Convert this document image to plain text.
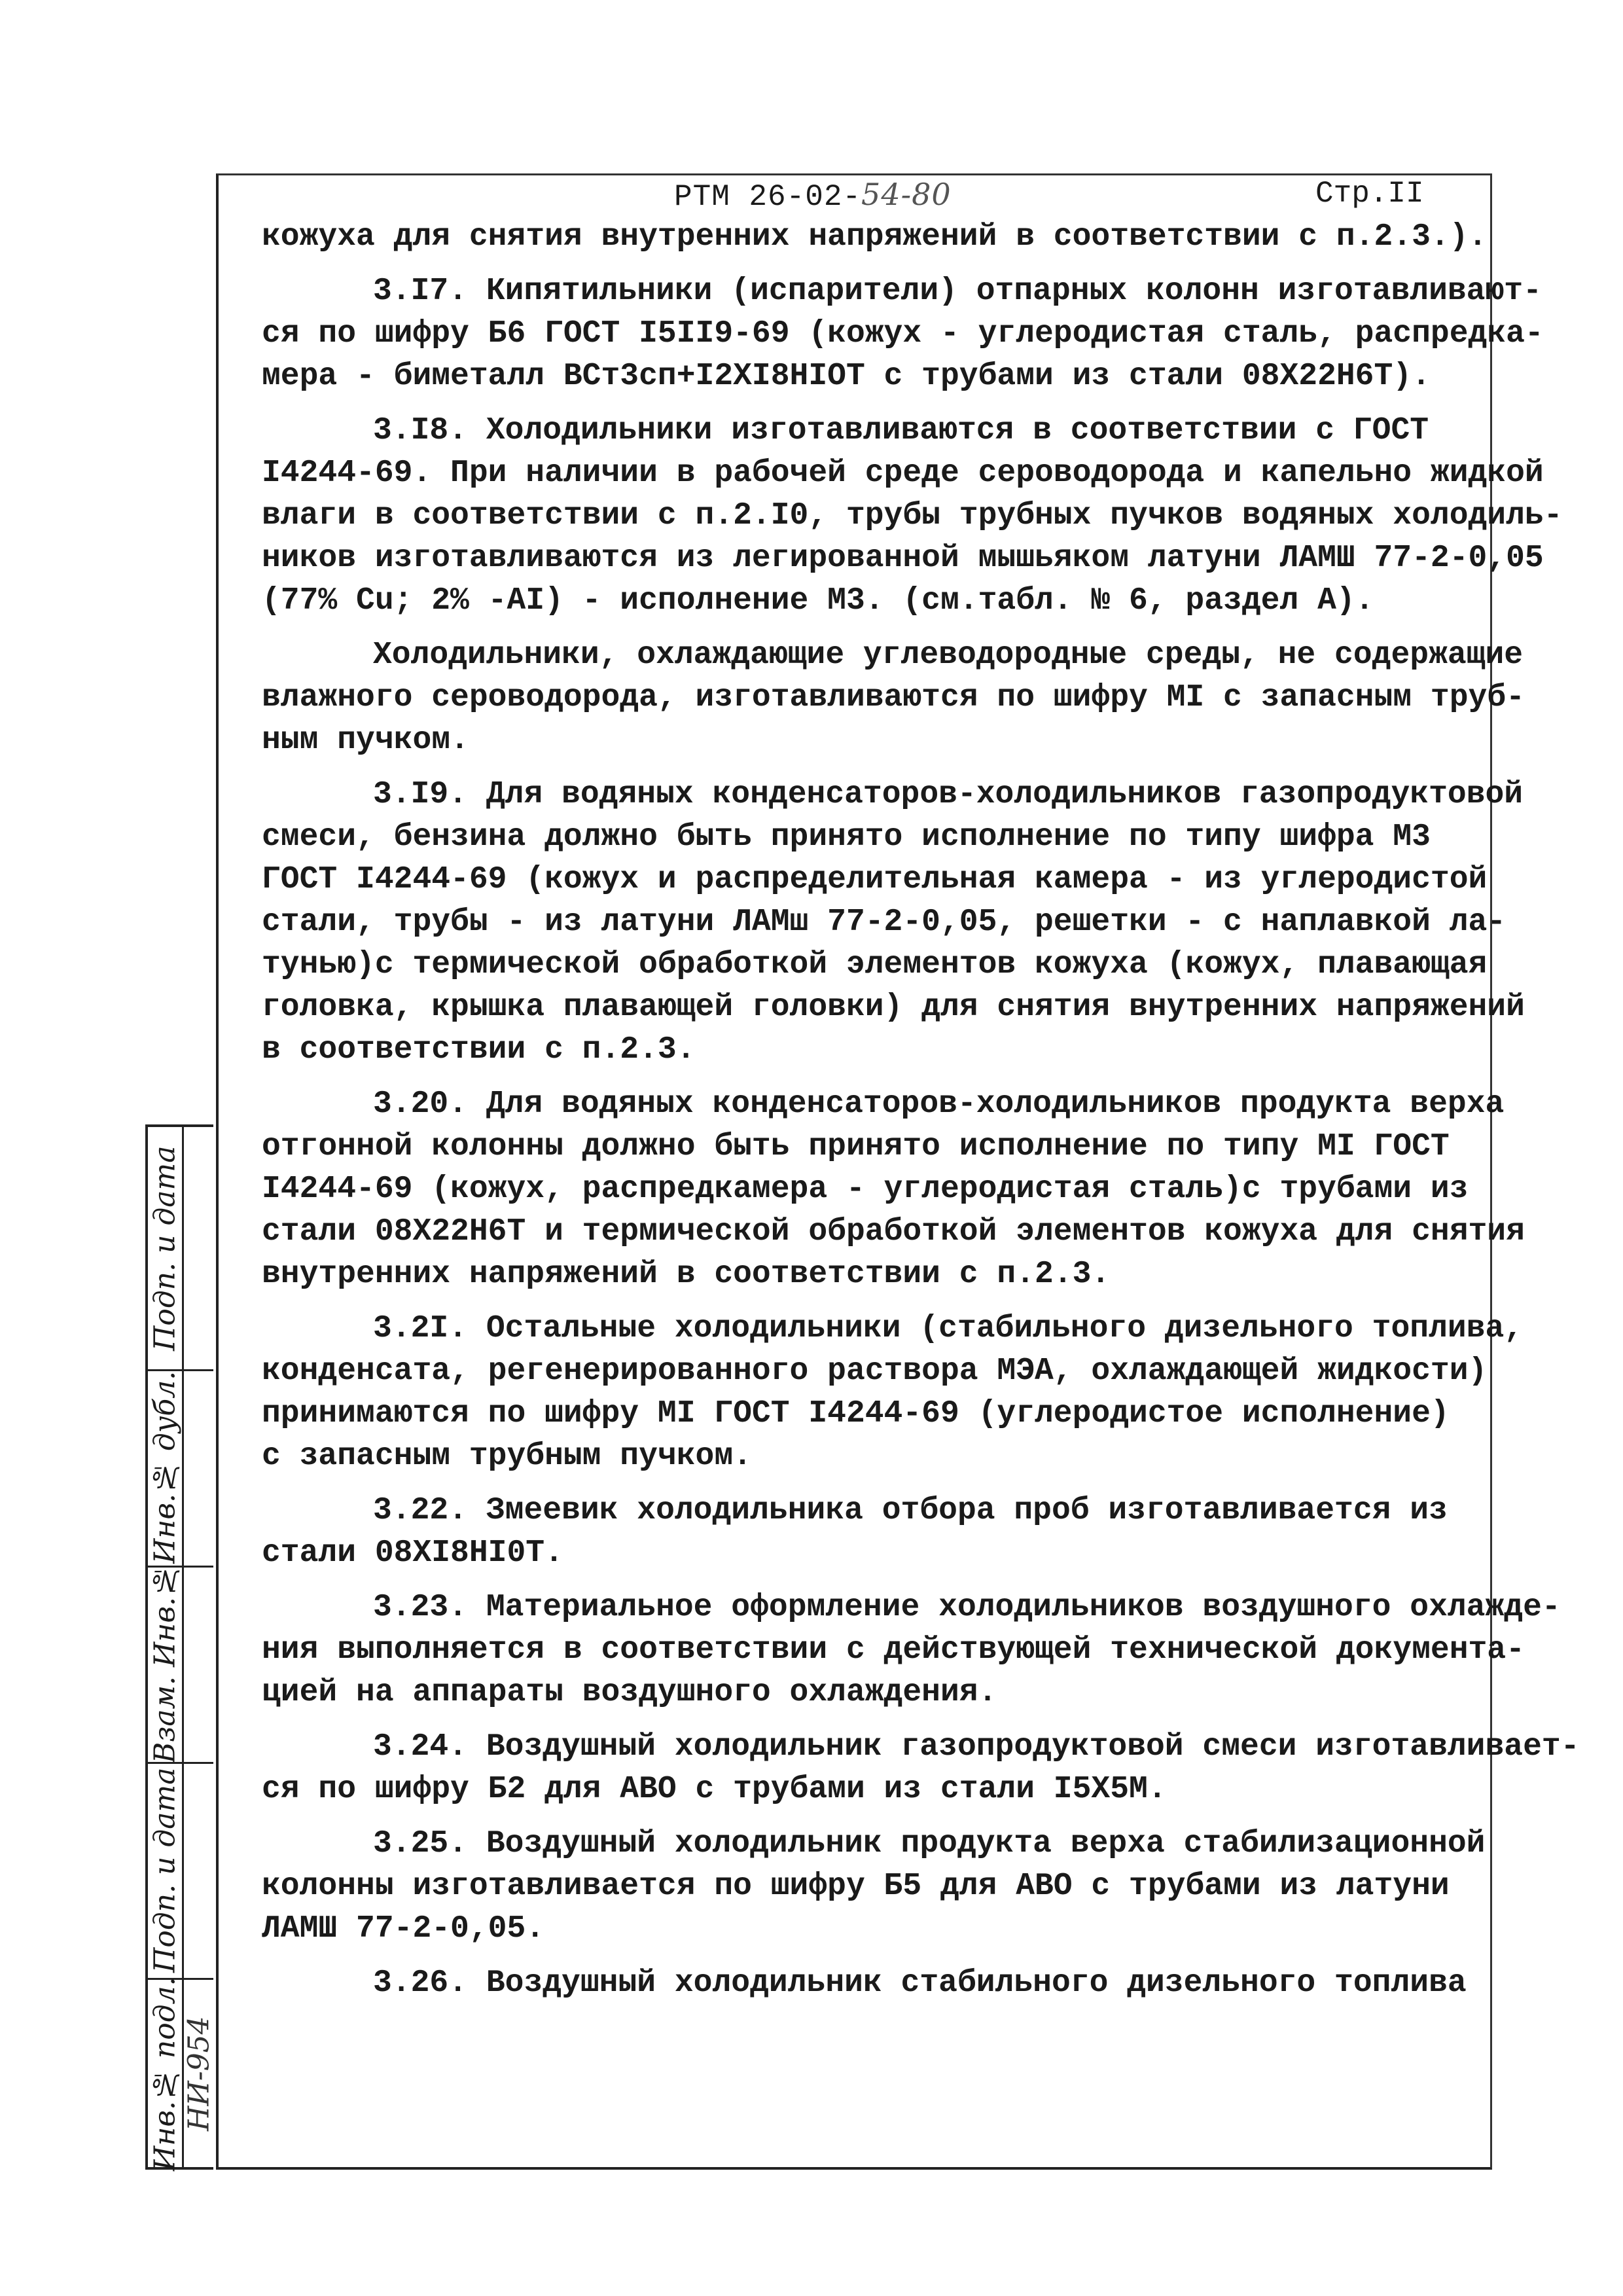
РТМ 26-02-54-80	Стр.II

кожуха для снятия внутренних напряжений в соответствии с п.2.3.).

3.I7. Кипятильники (испарители) отпарных колонн изготавливают-
ся по шифру Б6 ГОСТ I5II9-69 (кожух - углеродистая сталь, распредка-
мера - биметалл ВСт3сп+I2XI8HIOT с трубами из стали 08X22H6T).

3.I8. Холодильники изготавливаются в соответствии с ГОСТ
I4244-69. При наличии в рабочей среде сероводорода и капельно жидкой
влаги в соответствии с п.2.I0, трубы трубных пучков водяных холодиль-
ников изготавливаются из легированной мышьяком латуни ЛАМШ 77-2-0,05
(77% Cu; 2% -AI) - исполнение M3. (см.табл. № 6, раздел А).

Холодильники, охлаждающие углеводородные среды, не содержащие
влажного сероводорода, изготавливаются по шифру MI с запасным труб-
ным пучком.

3.I9. Для водяных конденсаторов-холодильников газопродуктовой
смеси, бензина должно быть принято исполнение по типу шифра M3
ГОСТ I4244-69 (кожух и распределительная камера - из углеродистой
стали, трубы - из латуни ЛАМш 77-2-0,05, решетки - с наплавкой ла-
тунью)с термической обработкой элементов кожуха (кожух, плавающая
головка, крышка плавающей головки) для снятия внутренних напряжений
в соответствии с п.2.3.

3.20. Для водяных конденсаторов-холодильников продукта верха
отгонной колонны должно быть принято исполнение по типу MI ГОСТ
I4244-69 (кожух, распредкамера - углеродистая сталь)с трубами из
стали 08X22H6T и термической обработкой элементов кожуха для снятия
внутренних напряжений в соответствии с п.2.3.

3.2I. Остальные холодильники (стабильного дизельного топлива,
конденсата, регенерированного раствора МЭА, охлаждающей жидкости)
принимаются по шифру MI ГОСТ I4244-69 (углеродистое исполнение)
с запасным трубным пучком.

3.22. Змеевик холодильника отбора проб изготавливается из
стали 08XI8HI0T.

3.23. Материальное оформление холодильников воздушного охлажде-
ния выполняется в соответствии с действующей технической документа-
цией на аппараты воздушного охлаждения.

3.24. Воздушный холодильник газопродуктовой смеси изготавливает-
ся по шифру Б2 для АВО с трубами из стали I5X5M.

3.25. Воздушный холодильник продукта верха стабилизационной
колонны изготавливается по шифру Б5 для АВО с трубами из латуни
ЛАМШ 77-2-0,05.

3.26. Воздушный холодильник стабильного дизельного топлива

Подп. и дата
Инв.№ дубл.
Взам. Инв.№
Подп. и дата
Инв.№ подл. НИ-954
